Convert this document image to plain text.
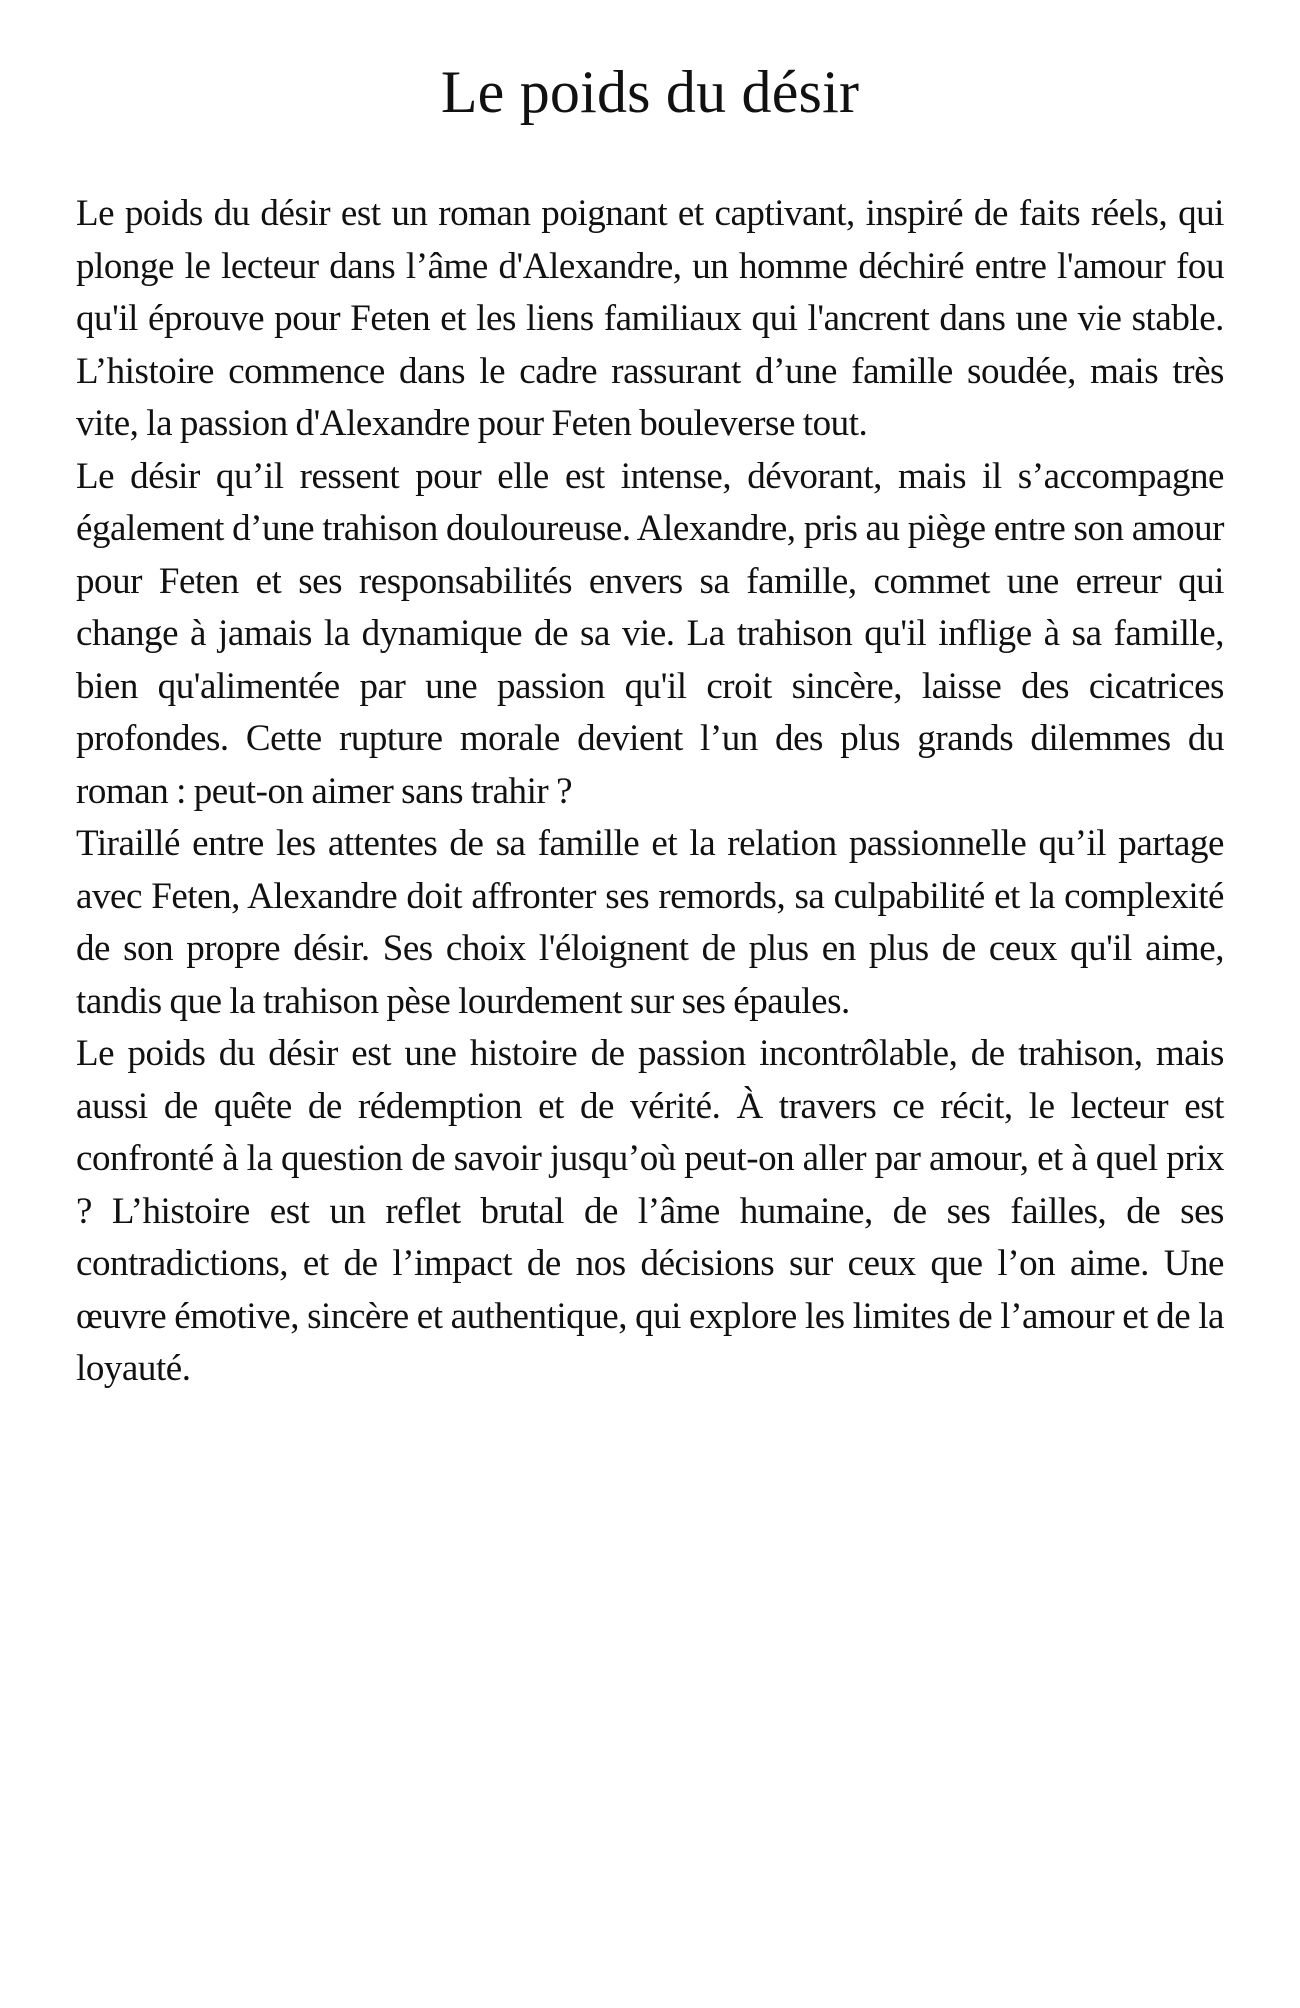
Le poids du désir

Le poids du désir est un roman poignant et captivant, inspiré de faits réels, qui plonge le lecteur dans l’âme d'Alexandre, un homme déchiré entre l'amour fou qu'il éprouve pour Feten et les liens familiaux qui l'ancrent dans une vie stable. L’histoire commence dans le cadre rassurant d’une famille soudée, mais très vite, la passion d'Alexandre pour Feten bouleverse tout.

Le désir qu’il ressent pour elle est intense, dévorant, mais il s’accompagne également d’une trahison douloureuse. Alexandre, pris au piège entre son amour pour Feten et ses responsabilités envers sa famille, commet une erreur qui change à jamais la dynamique de sa vie. La trahison qu'il inflige à sa famille, bien qu'alimentée par une passion qu'il croit sincère, laisse des cicatrices profondes. Cette rupture morale devient l’un des plus grands dilemmes du roman : peut-on aimer sans trahir ?

Tiraillé entre les attentes de sa famille et la relation passionnelle qu’il partage avec Feten, Alexandre doit affronter ses remords, sa culpabilité et la complexité de son propre désir. Ses choix l'éloignent de plus en plus de ceux qu'il aime, tandis que la trahison pèse lourdement sur ses épaules.

Le poids du désir est une histoire de passion incontrôlable, de trahison, mais aussi de quête de rédemption et de vérité. À travers ce récit, le lecteur est confronté à la question de savoir jusqu’où peut-on aller par amour, et à quel prix ? L’histoire est un reflet brutal de l’âme humaine, de ses failles, de ses contradictions, et de l’impact de nos décisions sur ceux que l’on aime. Une œuvre émotive, sincère et authentique, qui explore les limites de l’amour et de la loyauté.
